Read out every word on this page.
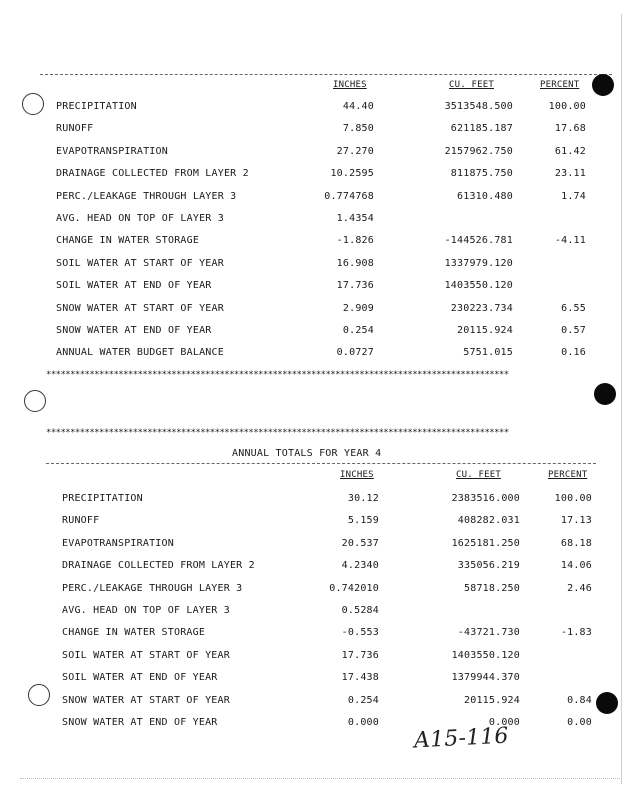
INCHES	CU. FEET	PERCENT
PRECIPITATION	44.40	3513548.500	100.00
RUNOFF	7.850	621185.187	17.68
EVAPOTRANSPIRATION	27.270	2157962.750	61.42
DRAINAGE COLLECTED FROM LAYER 2	10.2595	811875.750	23.11
PERC./LEAKAGE THROUGH LAYER 3	0.774768	61310.480	1.74
AVG. HEAD ON TOP OF LAYER 3	1.4354
CHANGE IN WATER STORAGE	-1.826	-144526.781	-4.11
SOIL WATER AT START OF YEAR	16.908	1337979.120
SOIL WATER AT END OF YEAR	17.736	1403550.120
SNOW WATER AT START OF YEAR	2.909	230223.734	6.55
SNOW WATER AT END OF YEAR	0.254	20115.924	0.57
ANNUAL WATER BUDGET BALANCE	0.0727	5751.015	0.16
************************************************************************************************
************************************************************************************************
ANNUAL TOTALS FOR YEAR 4
INCHES	CU. FEET	PERCENT
PRECIPITATION	30.12	2383516.000	100.00
RUNOFF	5.159	408282.031	17.13
EVAPOTRANSPIRATION	20.537	1625181.250	68.18
DRAINAGE COLLECTED FROM LAYER 2	4.2340	335056.219	14.06
PERC./LEAKAGE THROUGH LAYER 3	0.742010	58718.250	2.46
AVG. HEAD ON TOP OF LAYER 3	0.5284
CHANGE IN WATER STORAGE	-0.553	-43721.730	-1.83
SOIL WATER AT START OF YEAR	17.736	1403550.120
SOIL WATER AT END OF YEAR	17.438	1379944.370
SNOW WATER AT START OF YEAR	0.254	20115.924	0.84
SNOW WATER AT END OF YEAR	0.000	0.000	0.00
A15-116
